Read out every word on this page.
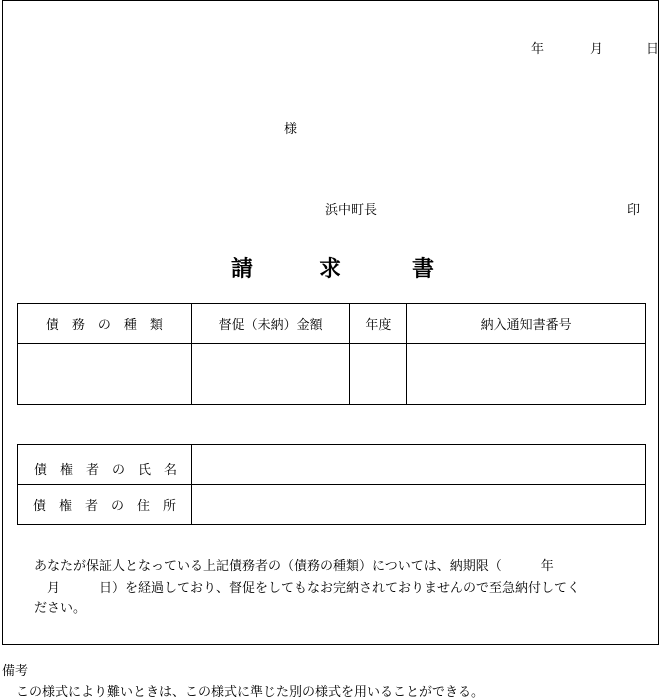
年	月	日
様
浜中町長	印
請	求	書
債　務　の　種　類	督促（未納）金額	年度	納入通知書番号

債　権　者　の　氏　名	
債　権　者　の　住　所	
あなたが保証人となっている上記債務者の（債務の種類）については、納期限（　　　年
　月　　　日）を経過しており、督促をしてもなお完納されておりませんので至急納付してく
ださい。
備考
この様式により難いときは、この様式に準じた別の様式を用いることができる。
